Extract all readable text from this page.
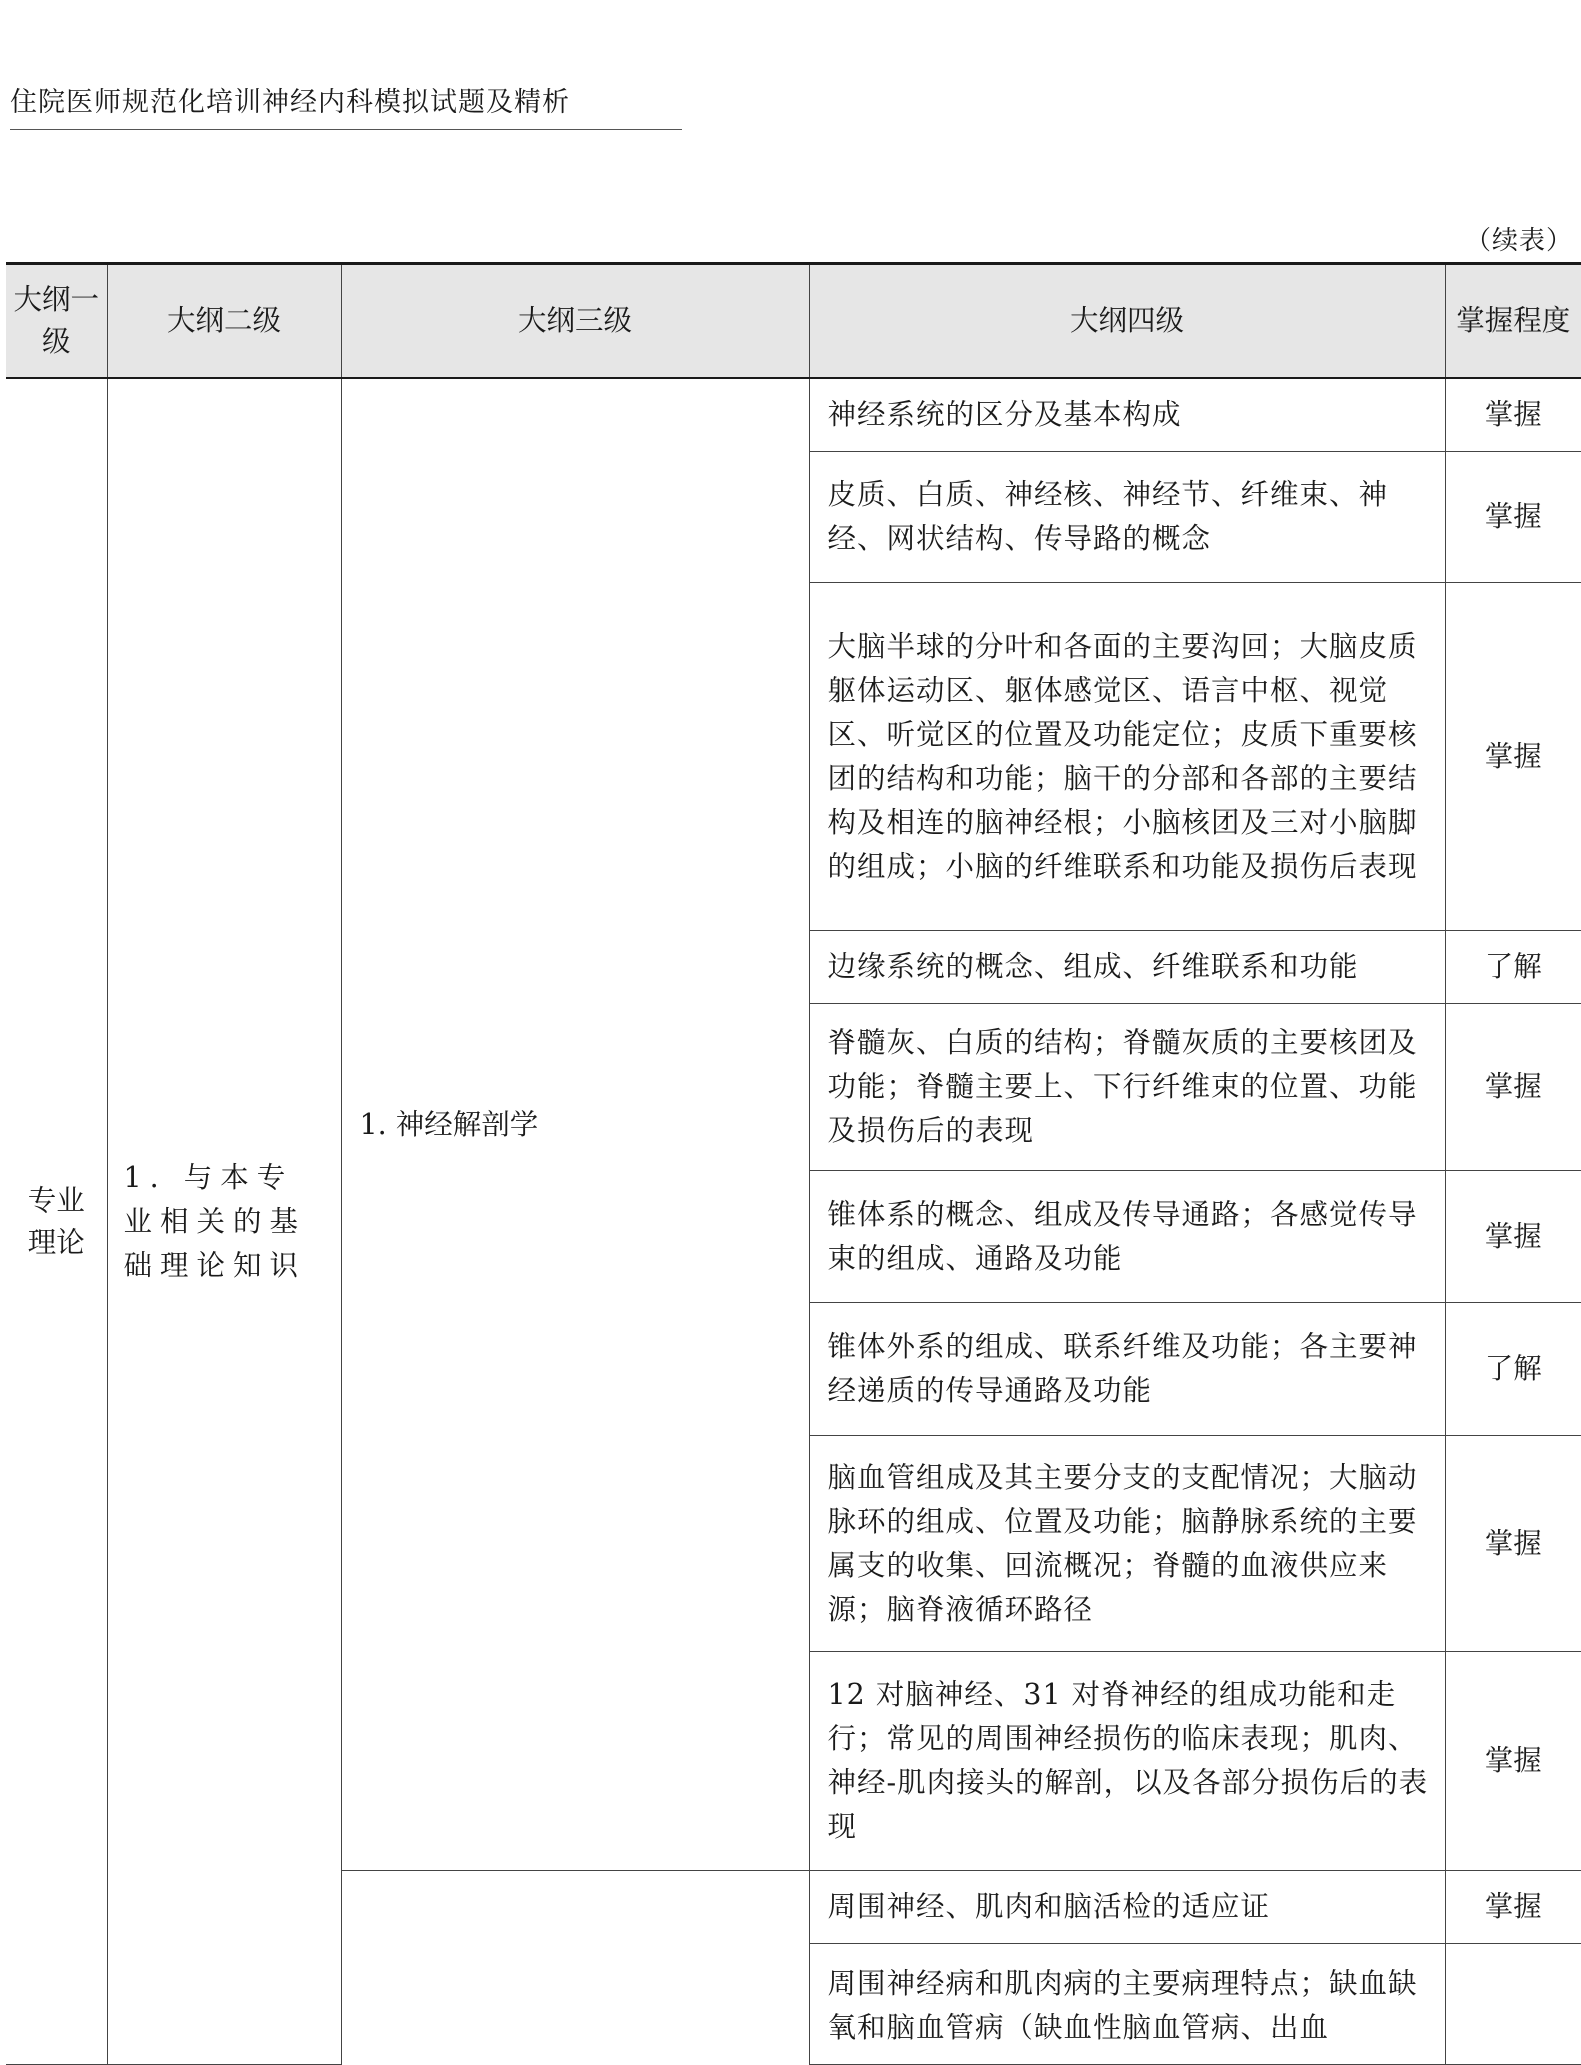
住院医师规范化培训神经内科模拟试题及精析
（续表）
大纲一级	大纲二级	大纲三级	大纲四级	掌握程度
专业理论	1. 与本专业相关的基础理论知识	1. 神经解剖学	神经系统的区分及基本构成	掌握
			皮质、白质、神经核、神经节、纤维束、神经、网状结构、传导路的概念	掌握
			大脑半球的分叶和各面的主要沟回；大脑皮质躯体运动区、躯体感觉区、语言中枢、视觉区、听觉区的位置及功能定位；皮质下重要核团的结构和功能；脑干的分部和各部的主要结构及相连的脑神经根；小脑核团及三对小脑脚的组成；小脑的纤维联系和功能及损伤后表现	掌握
			边缘系统的概念、组成、纤维联系和功能	了解
			脊髓灰、白质的结构；脊髓灰质的主要核团及功能；脊髓主要上、下行纤维束的位置、功能及损伤后的表现	掌握
			锥体系的概念、组成及传导通路；各感觉传导束的组成、通路及功能	掌握
			锥体外系的组成、联系纤维及功能；各主要神经递质的传导通路及功能	了解
			脑血管组成及其主要分支的支配情况；大脑动脉环的组成、位置及功能；脑静脉系统的主要属支的收集、回流概况；脊髓的血液供应来源；脑脊液循环路径	掌握
			12 对脑神经、31 对脊神经的组成功能和走行；常见的周围神经损伤的临床表现；肌肉、神经-肌肉接头的解剖，以及各部分损伤后的表现	掌握
			周围神经、肌肉和脑活检的适应证	掌握
			周围神经病和肌肉病的主要病理特点；缺血缺氧和脑血管病（缺血性脑血管病、出血	
